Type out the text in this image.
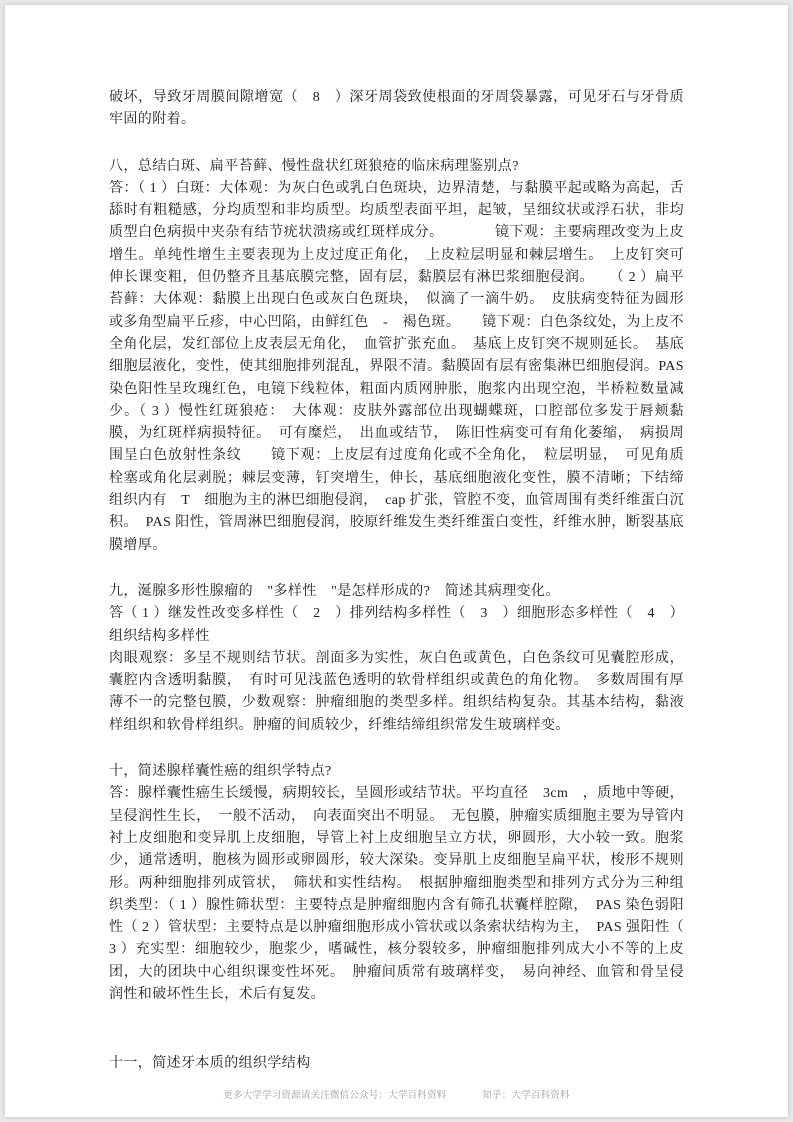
破坏，导致牙周膜间隙增宽（　8　）深牙周袋致使根面的牙周袋暴露，可见牙石与牙骨质牢固的附着。

八，总结白斑、扁平苔藓、慢性盘状红斑狼疮的临床病理鉴别点?

答：（ 1 ）白斑：大体观：为灰白色或乳白色斑块，边界清楚，与黏膜平起或略为高起，舌舔时有粗糙感，分均质型和非均质型。均质型表面平坦，起皱，呈细纹状或浮石状，非均质型白色病损中夹杂有结节疣状溃疡或红斑样成分。　　　　镜下观：主要病理改变为上皮增生。单纯性增生主要表现为上皮过度正角化，　上皮粒层明显和棘层增生。　上皮钉突可伸长课变粗，但仍整齐且基底膜完整，固有层，黏膜层有淋巴浆细胞侵润。　　（ 2 ）扁平苔藓：大体观：黏膜上出现白色或灰白色斑块，　似滴了一滴牛奶。　皮肤病变特征为圆形或多角型扁平丘疹，中心凹陷，由鲜红色　-　褐色斑。　　镜下观：白色条纹处，为上皮不全角化层，发红部位上皮表层无角化，　血管扩张充血。　基底上皮钉突不规则延长。　基底细胞层液化，变性，使其细胞排列混乱，界限不清。黏膜固有层有密集淋巴细胞侵润。PAS 染色阳性呈玫瑰红色，电镜下线粒体，粗面内质网肿胀，胞浆内出现空泡，半桥粒数量减少。（ 3 ）慢性红斑狼疮：　大体观：皮肤外露部位出现蝴蝶斑，口腔部位多发于唇颊黏膜，为红斑样病损特征。　可有糜烂，　出血或结节，　陈旧性病变可有角化萎缩，　病损周围呈白色放射性条纹　　镜下观：上皮层有过度角化或不全角化，　粒层明显，　可见角质栓塞或角化层剥脱；棘层变薄，钉突增生，伸长，基底细胞液化变性，膜不清晰；下结缔组织内有　T　细胞为主的淋巴细胞侵润，　cap 扩张，管腔不变，血管周围有类纤维蛋白沉积。　PAS 阳性，管周淋巴细胞侵润，胶原纤维发生类纤维蛋白变性，纤维水肿，断裂基底膜增厚。

九，涎腺多形性腺瘤的　"多样性　"是怎样形成的?　简述其病理变化。

答（ 1 ）继发性改变多样性（　2　）排列结构多样性（　3　）细胞形态多样性（　4　）组织结构多样性

肉眼观察：多呈不规则结节状。剖面多为实性，灰白色或黄色，白色条纹可见囊腔形成，囊腔内含透明黏膜，　有时可见浅蓝色透明的软骨样组织或黄色的角化物。　多数周围有厚薄不一的完整包膜，少数观察：肿瘤细胞的类型多样。组织结构复杂。其基本结构，黏液样组织和软骨样组织。肿瘤的间质较少，纤维结缔组织常发生玻璃样变。

十，简述腺样囊性癌的组织学特点?

答：腺样囊性癌生长缓慢，病期较长，呈圆形或结节状。平均直径　3cm　，质地中等硬，呈侵润性生长，　一般不活动，　向表面突出不明显。　无包膜，肿瘤实质细胞主要为导管内衬上皮细胞和变异肌上皮细胞，导管上衬上皮细胞呈立方状，卵圆形，大小较一致。胞浆少，通常透明，胞核为圆形或卵圆形，较大深染。变异肌上皮细胞呈扁平状，梭形不规则形。两种细胞排列成管状，　筛状和实性结构。　根据肿瘤细胞类型和排列方式分为三种组织类型：（ 1 ）腺性筛状型：主要特点是肿瘤细胞内含有筛孔状囊样腔隙，　PAS 染色弱阳性（ 2 ）管状型：主要特点是以肿瘤细胞形成小管状或以条索状结构为主，　PAS 强阳性（ 3 ）充实型：细胞较少，胞浆少，嗜碱性，核分裂较多，肿瘤细胞排列成大小不等的上皮团，大的团块中心组织课变性坏死。　肿瘤间质常有玻璃样变，　易向神经、血管和骨呈侵润性和破坏性生长，术后有复发。

十一，简述牙本质的组织学结构

更多大学学习资源请关注微信公众号：大学百科资料	知乎：大学百科资料
